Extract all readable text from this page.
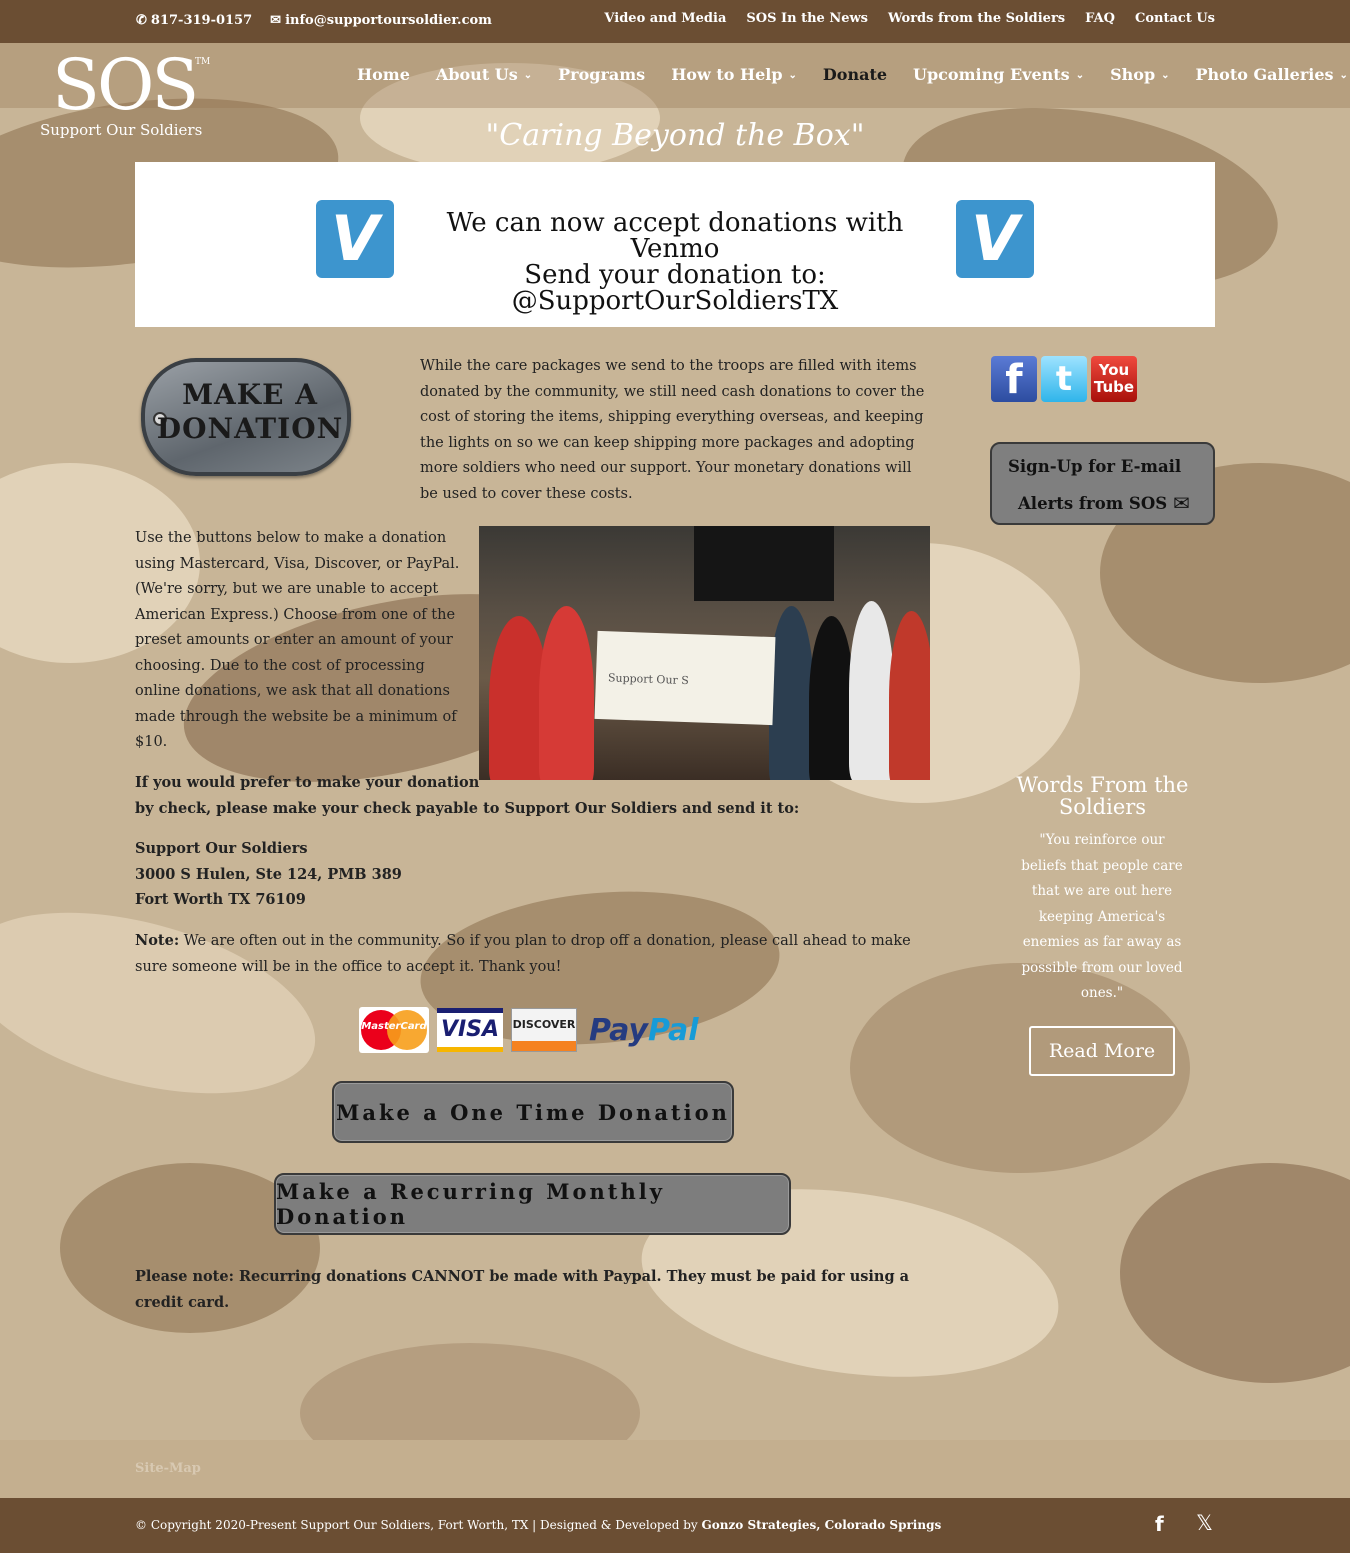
✆ 817-319-0157 ✉ info@supportoursoldier.com	Video and Media SOS In the News Words from the Soldiers FAQ Contact Us
SOS
TM
Support Our Soldiers
Home About Us ⌄ Programs How to Help ⌄ Donate Upcoming Events ⌄ Shop ⌄ Photo Galleries ⌄
"Caring Beyond the Box"
V	We can now accept donations with Venmo
Send your donation to:
@SupportOurSoldiersTX
V
MAKE A
DONATION
While the care packages we send to the troops are filled with items donated by the community, we still need cash donations to cover the cost of storing the items, shipping everything overseas, and keeping the lights on so we can keep shipping more packages and adopting more soldiers who need our support. Your monetary donations will be used to cover these costs.
Use the buttons below to make a donation using Mastercard, Visa, Discover, or PayPal. (We're sorry, but we are unable to accept American Express.) Choose from one of the preset amounts or enter an amount of your choosing. Due to the cost of processing online donations, we ask that all donations made through the website be a minimum of $10.
Support Our S
If you would prefer to make your donation
by check, please make your check payable to Support Our Soldiers and send it to:
Support Our Soldiers
3000 S Hulen, Ste 124, PMB 389
Fort Worth TX 76109
Note: We are often out in the community. So if you plan to drop off a donation, please call ahead to make sure someone will be in the office to accept it. Thank you!
MasterCard VISA	DISCOVER PayPal
Make a One Time Donation
Make a Recurring Monthly Donation
Please note: Recurring donations CANNOT be made with Paypal. They must be paid for using a credit card.
f t	You
Tube
Sign-Up for E-mail
Alerts from SOS ✉
Words From the Soldiers
"You reinforce our beliefs that people care that we are out here keeping America's enemies as far away as possible from our loved ones."
Read More
Site-Map
© Copyright 2020-Present Support Our Soldiers, Fort Worth, TX | Designed & Developed by Gonzo Strategies, Colorado Springs	f 𝕏
